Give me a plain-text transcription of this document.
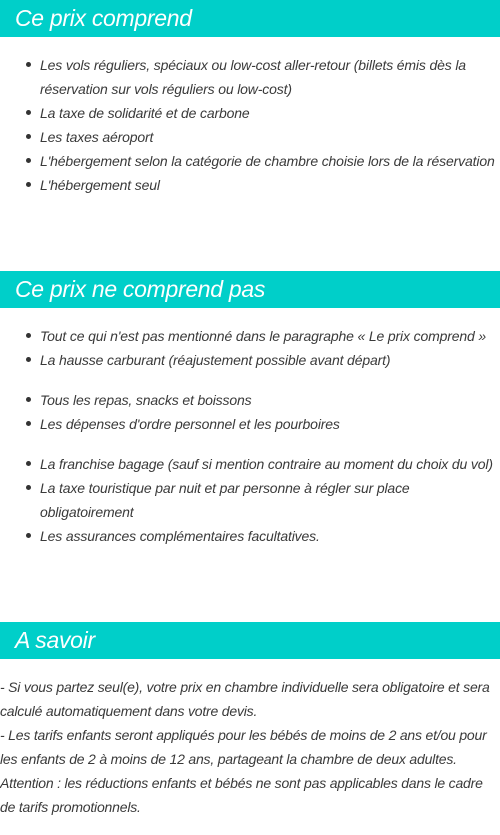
Ce prix comprend
Les vols réguliers, spéciaux ou low-cost aller-retour (billets émis dès la réservation sur vols réguliers ou low-cost)
La taxe de solidarité et de carbone
Les taxes aéroport
L'hébergement selon la catégorie de chambre choisie lors de la réservation
L'hébergement seul
Ce prix ne comprend pas
Tout ce qui n'est pas mentionné dans le paragraphe « Le prix comprend »
La hausse carburant (réajustement possible avant départ)
Tous les repas, snacks et boissons
Les dépenses d'ordre personnel et les pourboires
La franchise bagage (sauf si mention contraire au moment du choix du vol)
La taxe touristique par nuit et par personne à régler sur place obligatoirement
Les assurances complémentaires facultatives.
A savoir

- Si vous partez seul(e), votre prix en chambre individuelle sera obligatoire et sera calculé automatiquement dans votre devis.

- Les tarifs enfants seront appliqués pour les bébés de moins de 2 ans et/ou pour les enfants de 2 à moins de 12 ans, partageant la chambre de deux adultes.

Attention : les réductions enfants et bébés ne sont pas applicables dans le cadre de tarifs promotionnels.
